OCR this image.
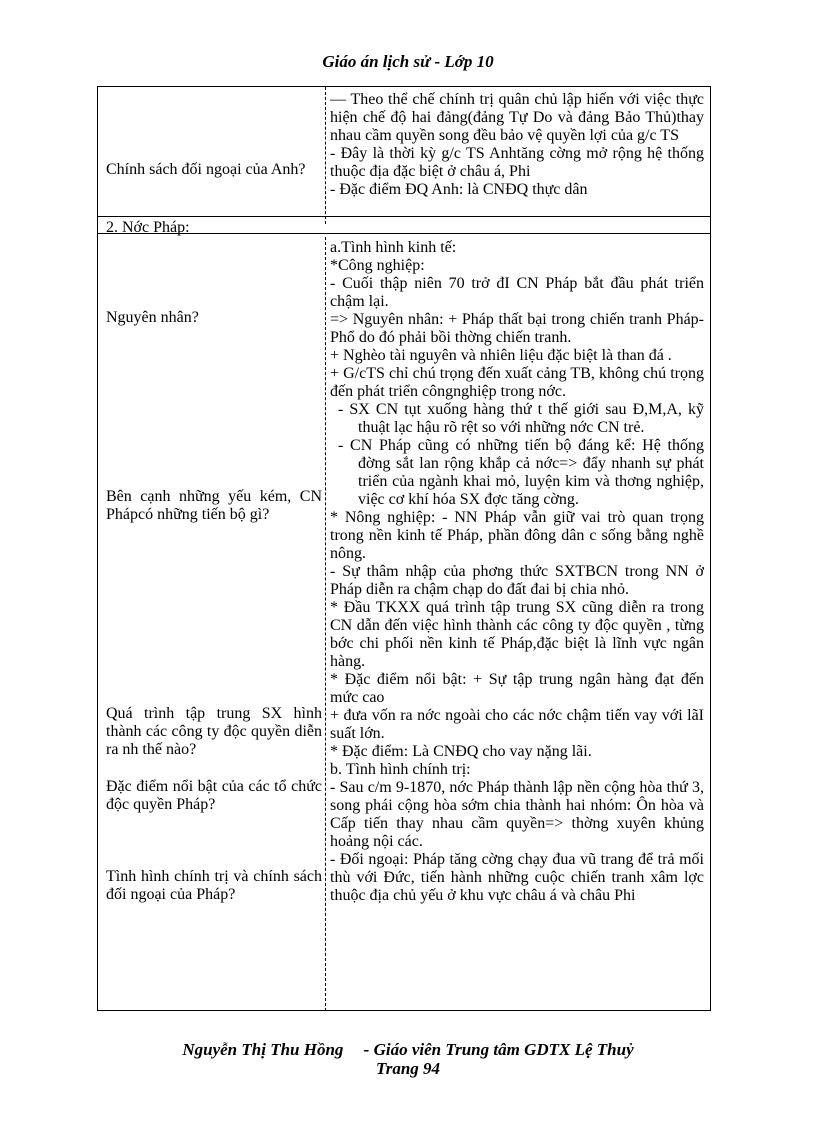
Giáo án lịch sử - Lớp 10
Chính sách đối ngoại của Anh?

— Theo thể chế chính trị quân chủ lập hiến với việc thực hiện chế độ hai đảng(đảng Tự Do và đảng Bảo Thủ)thay nhau cầm quyền song đều bảo vệ quyền lợi của g/c TS

- Đây là thời kỳ g/c TS Anhtăng cờng mở rộng hệ thống thuộc địa đặc biệt ở châu á, Phi

- Đặc điểm ĐQ Anh: là CNĐQ thực dân

2. Nớc Pháp:
Nguyên nhân?
Bên cạnh những yếu kém, CN Phápcó những tiến bộ gì?
Quá trình tập trung SX hình thành các công ty độc quyền diễn ra nh thế nào?
Đặc điểm nổi bật của các tổ chức độc quyền Pháp?
Tình hình chính trị và chính sách đối ngoại của Pháp?

a.Tình hình kinh tế:

*Công nghiệp:

- Cuối thập niên 70 trở đI CN Pháp bắt đầu phát triển chậm lại.

=> Nguyên nhân: + Pháp thất bại trong chiến tranh Pháp-Phổ do đó phải bồi thờng chiến tranh.

+ Nghèo tài nguyên và nhiên liệu đặc biệt là than đá .

+ G/cTS chỉ chú trọng đến xuất cảng TB, không chú trọng đến phát triển côngnghiệp trong nớc.

- SX CN tụt xuống hàng thứ t thế giới sau Đ,M,A, kỹ thuật lạc hậu rõ rệt so với những nớc CN trẻ.

- CN Pháp cũng có những tiến bộ đáng kể: Hệ thống đờng sắt lan rộng khắp cả nớc=> đẩy nhanh sự phát triển của ngành khai mỏ, luyện kim và thơng nghiệp, việc cơ khí hóa SX đợc tăng cờng.

* Nông nghiệp: - NN Pháp vẫn giữ vai trò quan trọng trong nền kinh tế Pháp, phần đông dân c sống bằng nghề nông.

- Sự thâm nhập của phơng thức SXTBCN trong NN ở Pháp diễn ra chậm chạp do đất đai bị chia nhỏ.

* Đầu TKXX quá trình tập trung SX cũng diễn ra trong CN dẫn đến việc hình thành các công ty độc quyền , từng bớc chi phối nền kinh tế Pháp,đặc biệt là lĩnh vực ngân hàng.

* Đặc điểm nổi bật: + Sự tập trung ngân hàng đạt đến mức cao

+ đưa vốn ra nớc ngoài cho các nớc chậm tiến vay với lãI suất lớn.

* Đặc điểm: Là CNĐQ cho vay nặng lãi.

b. Tình hình chính trị:

- Sau c/m 9-1870, nớc Pháp thành lập nền cộng hòa thứ 3, song phái cộng hòa sớm chia thành hai nhóm: Ôn hòa và Cấp tiến thay nhau cầm quyền=> thờng xuyên khủng hoảng nội các.

- Đối ngoại: Pháp tăng cờng chạy đua vũ trang để trả mối thù với Đức, tiến hành những cuộc chiến tranh xâm lợc thuộc địa chủ yếu ở khu vực châu á và châu Phi

Nguyễn Thị Thu Hồng - Giáo viên Trung tâm GDTX Lệ Thuỷ
Trang 94
